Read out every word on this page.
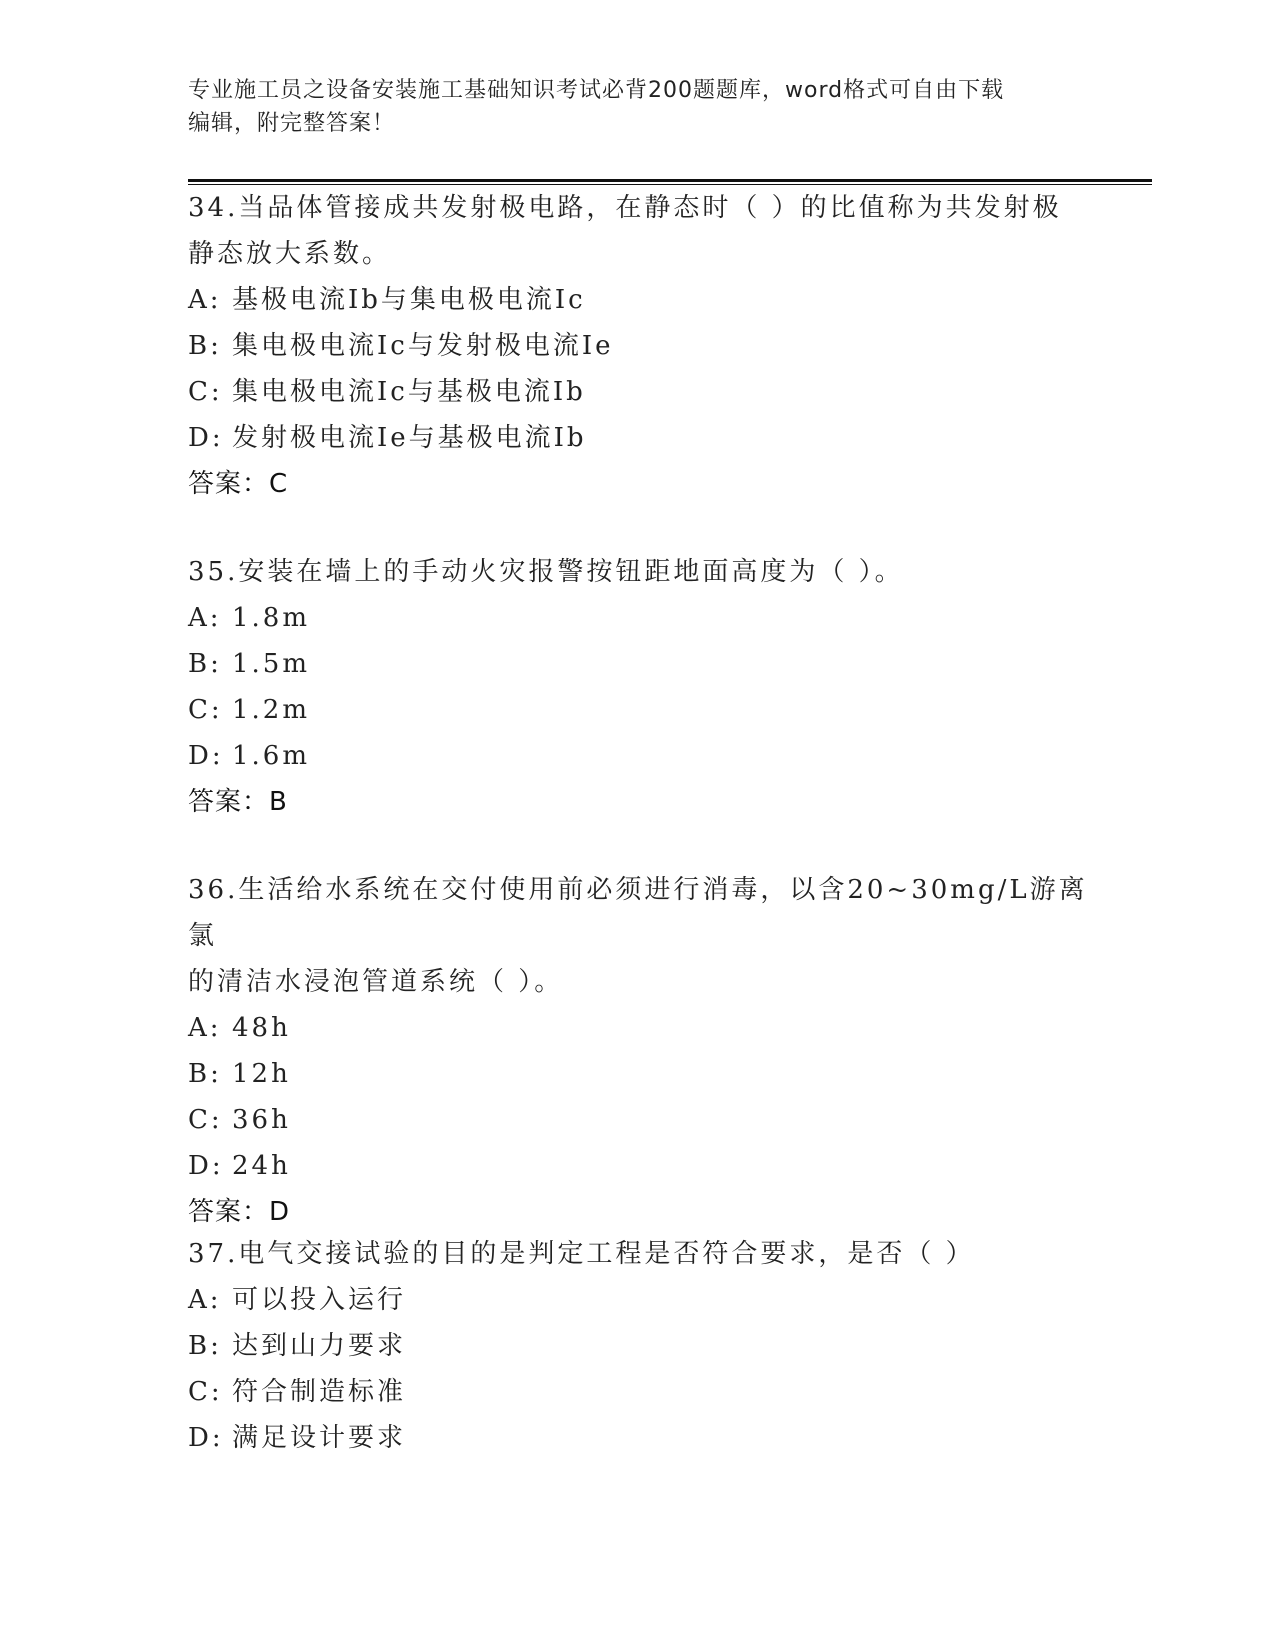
专业施工员之设备安装施工基础知识考试必背200题题库，word格式可自由下载
编辑，附完整答案！

34.当品体管接成共发射极电路，在静态时（ ）的比值称为共发射极

静态放大系数。

A: 基极电流Ib与集电极电流Ic

B: 集电极电流Ic与发射极电流Ie

C: 集电极电流Ic与基极电流Ib

D: 发射极电流Ie与基极电流Ib

答案：C

35.安装在墙上的手动火灾报警按钮距地面高度为（ ）。

A: 1.8m

B: 1.5m

C: 1.2m

D: 1.6m

答案：B

36.生活给水系统在交付使用前必须进行消毒，以含20~30mg/L游离氯

的清洁水浸泡管道系统（ ）。

A: 48h

B: 12h

C: 36h

D: 24h

答案：D

37.电气交接试验的目的是判定工程是否符合要求，是否（ ）

A: 可以投入运行

B: 达到山力要求

C: 符合制造标准

D: 满足设计要求
